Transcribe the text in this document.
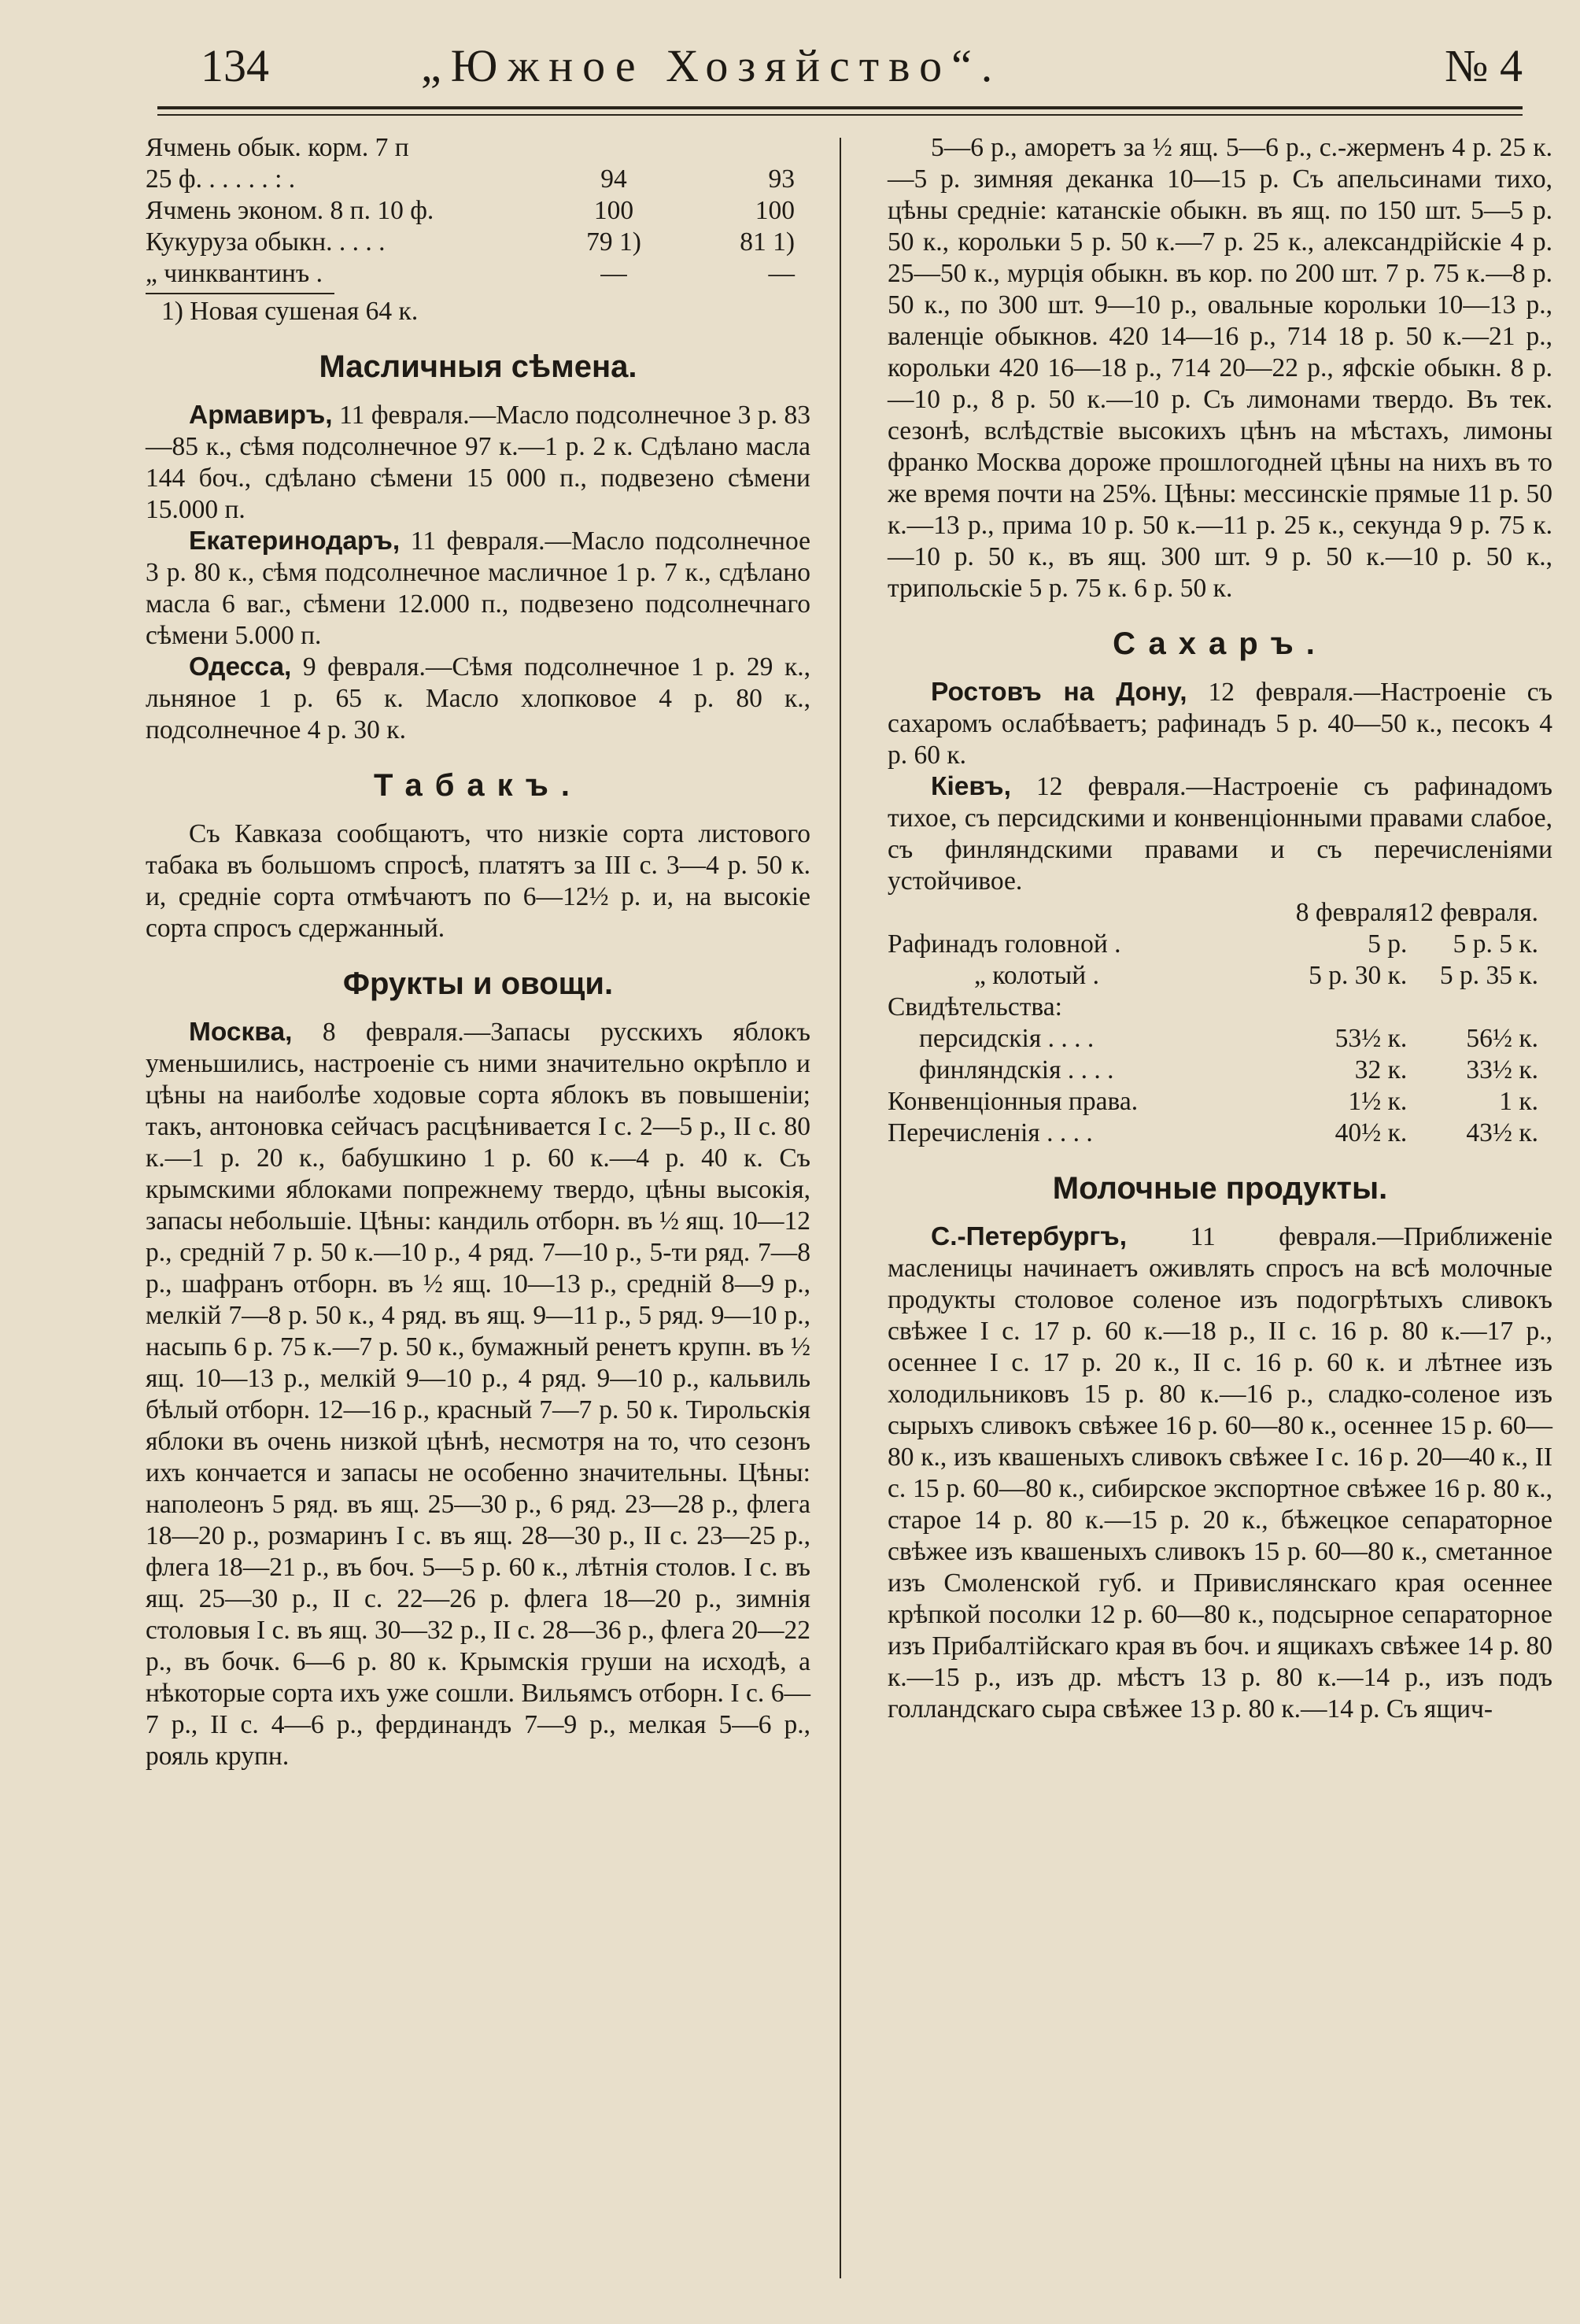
134	„Южное Хозяйство“.	№ 4
Ячмень обык. корм. 7 п		
25 ф. . . . . . : .	94	93
Ячмень эконом. 8 п. 10 ф.	100	100
Кукуруза обыкн. . . . .	79 1)	81 1)
„ чинквантинъ .	—	—

1) Новая сушеная 64 к.

Масличныя сѣмена.

Армавиръ, 11 февраля.—Масло подсолнечное 3 р. 83—85 к., сѣмя подсолнечное 97 к.—1 р. 2 к. Сдѣлано масла 144 боч., сдѣлано сѣмени 15 000 п., подвезено сѣмени 15.000 п.

Екатеринодаръ, 11 февраля.—Масло подсолнечное 3 р. 80 к., сѣмя подсолнечное масличное 1 р. 7 к., сдѣлано масла 6 ваг., сѣмени 12.000 п., подвезено подсолнечнаго сѣмени 5.000 п.

Одесса, 9 февраля.—Сѣмя подсолнечное 1 р. 29 к., льняное 1 р. 65 к. Масло хлопковое 4 р. 80 к., подсолнечное 4 р. 30 к.

Табакъ.

Съ Кавказа сообщаютъ, что низкіе сорта листового табака въ большомъ спросѣ, платятъ за III с. 3—4 р. 50 к. и, средніе сорта отмѣчаютъ по 6—12½ р. и, на высокіе сорта спросъ сдержанный.

Фрукты и овощи.

Москва, 8 февраля.—Запасы русскихъ яблокъ уменьшились, настроеніе съ ними значительно окрѣпло и цѣны на наиболѣе ходовые сорта яблокъ въ повышеніи; такъ, антоновка сейчасъ расцѣнивается I с. 2—5 р., II с. 80 к.—1 р. 20 к., бабушкино 1 р. 60 к.—4 р. 40 к. Съ крымскими яблоками попрежнему твердо, цѣны высокія, запасы небольшіе. Цѣны: кандиль отборн. въ ½ ящ. 10—12 р., средній 7 р. 50 к.—10 р., 4 ряд. 7—10 р., 5-ти ряд. 7—8 р., шафранъ отборн. въ ½ ящ. 10—13 р., средній 8—9 р., мелкій 7—8 р. 50 к., 4 ряд. въ ящ. 9—11 р., 5 ряд. 9—10 р., насыпь 6 р. 75 к.—7 р. 50 к., бумажный ренетъ крупн. въ ½ ящ. 10—13 р., мелкій 9—10 р., 4 ряд. 9—10 р., кальвиль бѣлый отборн. 12—16 р., красный 7—7 р. 50 к. Тирольскія яблоки въ очень низкой цѣнѣ, несмотря на то, что сезонъ ихъ кончается и запасы не особенно значительны. Цѣны: наполеонъ 5 ряд. въ ящ. 25—30 р., 6 ряд. 23—28 р., флега 18—20 р., розмаринъ I с. въ ящ. 28—30 р., II с. 23—25 р., флега 18—21 р., въ боч. 5—5 р. 60 к., лѣтнія столов. I с. въ ящ. 25—30 р., II с. 22—26 р. флега 18—20 р., зимнія столовыя I с. въ ящ. 30—32 р., II с. 28—36 р., флега 20—22 р., въ бочк. 6—6 р. 80 к. Крымскія груши на исходѣ, а нѣкоторые сорта ихъ уже сошли. Вильямсъ отборн. I с. 6—7 р., II с. 4—6 р., фердинандъ 7—9 р., мелкая 5—6 р., рояль крупн.

5—6 р., аморетъ за ½ ящ. 5—6 р., с.-жерменъ 4 р. 25 к.—5 р. зимняя деканка 10—15 р. Съ апельсинами тихо, цѣны средніе: катанскіе обыкн. въ ящ. по 150 шт. 5—5 р. 50 к., корольки 5 р. 50 к.—7 р. 25 к., александрійскіе 4 р. 25—50 к., мурція обыкн. въ кор. по 200 шт. 7 р. 75 к.—8 р. 50 к., по 300 шт. 9—10 р., овальные корольки 10—13 р., валенціе обыкнов. 420 14—16 р., 714 18 р. 50 к.—21 р., корольки 420 16—18 р., 714 20—22 р., яфскіе обыкн. 8 р.—10 р., 8 р. 50 к.—10 р. Съ лимонами твердо. Въ тек. сезонѣ, вслѣдствіе высокихъ цѣнъ на мѣстахъ, лимоны франко Москва дороже прошлогодней цѣны на нихъ въ то же время почти на 25%. Цѣны: мессинскіе прямые 11 р. 50 к.—13 р., прима 10 р. 50 к.—11 р. 25 к., секунда 9 р. 75 к.—10 р. 50 к., въ ящ. 300 шт. 9 р. 50 к.—10 р. 50 к., трипольскіе 5 р. 75 к. 6 р. 50 к.

Сахаръ.

Ростовъ на Дону, 12 февраля.—Настроеніе съ сахаромъ ослабѣваетъ; рафинадъ 5 р. 40—50 к., песокъ 4 р. 60 к.

Кіевъ, 12 февраля.—Настроеніе съ рафинадомъ тихое, съ персидскими и конвенціонными правами слабое, съ финляндскими правами и съ перечисленіями устойчивое.

	8 февраля	12 февраля.
Рафинадъ головной .	5 р.	5 р. 5 к.
„ колотый .	5 р. 30 к.	5 р. 35 к.
Свидѣтельства:		
персидскія . . . .	53½ к.	56½ к.
финляндскія . . . .	32 к.	33½ к.
Конвенціонныя права.	1½ к.	1 к.
Перечисленія . . . .	40½ к.	43½ к.
Молочные продукты.

С.-Петербургъ, 11 февраля.—Приближеніе масленицы начинаетъ оживлять спросъ на всѣ молочные продукты столовое соленое изъ подогрѣтыхъ сливокъ свѣжее I с. 17 р. 60 к.—18 р., II с. 16 р. 80 к.—17 р., осеннее I с. 17 р. 20 к., II с. 16 р. 60 к. и лѣтнее изъ холодильниковъ 15 р. 80 к.—16 р., сладко-соленое изъ сырыхъ сливокъ свѣжее 16 р. 60—80 к., осеннее 15 р. 60—80 к., изъ квашеныхъ сливокъ свѣжее I с. 16 р. 20—40 к., II с. 15 р. 60—80 к., сибирское экспортное свѣжее 16 р. 80 к., старое 14 р. 80 к.—15 р. 20 к., бѣжецкое сепараторное свѣжее изъ квашеныхъ сливокъ 15 р. 60—80 к., сметанное изъ Смоленской губ. и Привислянскаго края осеннее крѣпкой посолки 12 р. 60—80 к., подсырное сепараторное изъ Прибалтійскаго края въ боч. и ящикахъ свѣжее 14 р. 80 к.—15 р., изъ др. мѣстъ 13 р. 80 к.—14 р., изъ подъ голландскаго сыра свѣжее 13 р. 80 к.—14 р. Съ ящич-
